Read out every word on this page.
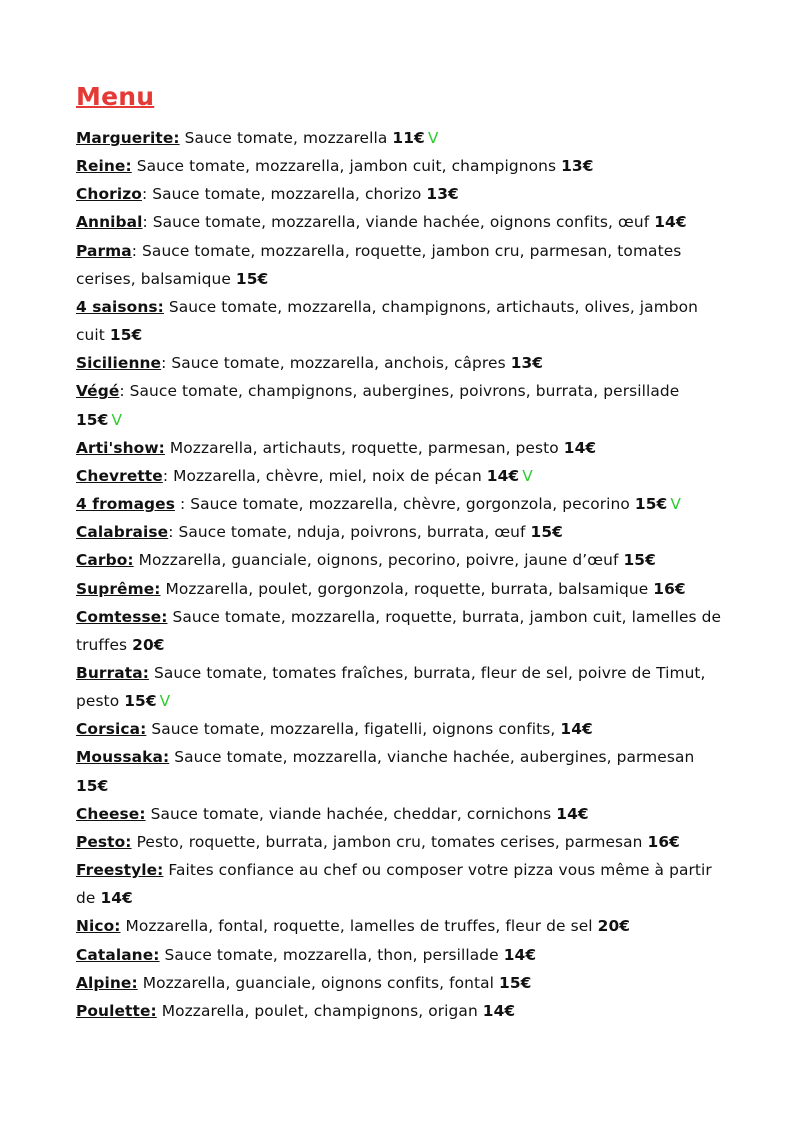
Menu

Marguerite: Sauce tomate, mozzarella 11€ V

Reine: Sauce tomate, mozzarella, jambon cuit, champignons 13€

Chorizo: Sauce tomate, mozzarella, chorizo 13€

Annibal: Sauce tomate, mozzarella, viande hachée, oignons confits, œuf 14€

Parma: Sauce tomate, mozzarella, roquette, jambon cru, parmesan, tomates cerises, balsamique 15€

4 saisons: Sauce tomate, mozzarella, champignons, artichauts, olives, jambon cuit 15€

Sicilienne: Sauce tomate, mozzarella, anchois, câpres 13€

Végé: Sauce tomate, champignons, aubergines, poivrons, burrata, persillade 15€ V

Arti'show: Mozzarella, artichauts, roquette, parmesan, pesto 14€

Chevrette: Mozzarella, chèvre, miel, noix de pécan 14€ V

4 fromages : Sauce tomate, mozzarella, chèvre, gorgonzola, pecorino 15€ V

Calabraise: Sauce tomate, nduja, poivrons, burrata, œuf 15€

Carbo: Mozzarella, guanciale, oignons, pecorino, poivre, jaune d’œuf 15€

Suprême: Mozzarella, poulet, gorgonzola, roquette, burrata, balsamique 16€

Comtesse: Sauce tomate, mozzarella, roquette, burrata, jambon cuit, lamelles de truffes 20€

Burrata: Sauce tomate, tomates fraîches, burrata, fleur de sel, poivre de Timut, pesto 15€ V

Corsica: Sauce tomate, mozzarella, figatelli, oignons confits, 14€

Moussaka: Sauce tomate, mozzarella, vianche hachée, aubergines, parmesan 15€

Cheese: Sauce tomate, viande hachée, cheddar, cornichons 14€

Pesto: Pesto, roquette, burrata, jambon cru, tomates cerises, parmesan 16€

Freestyle: Faites confiance au chef ou composer votre pizza vous même à partir de 14€

Nico: Mozzarella, fontal, roquette, lamelles de truffes, fleur de sel 20€

Catalane: Sauce tomate, mozzarella, thon, persillade 14€

Alpine: Mozzarella, guanciale, oignons confits, fontal 15€

Poulette: Mozzarella, poulet, champignons, origan 14€
